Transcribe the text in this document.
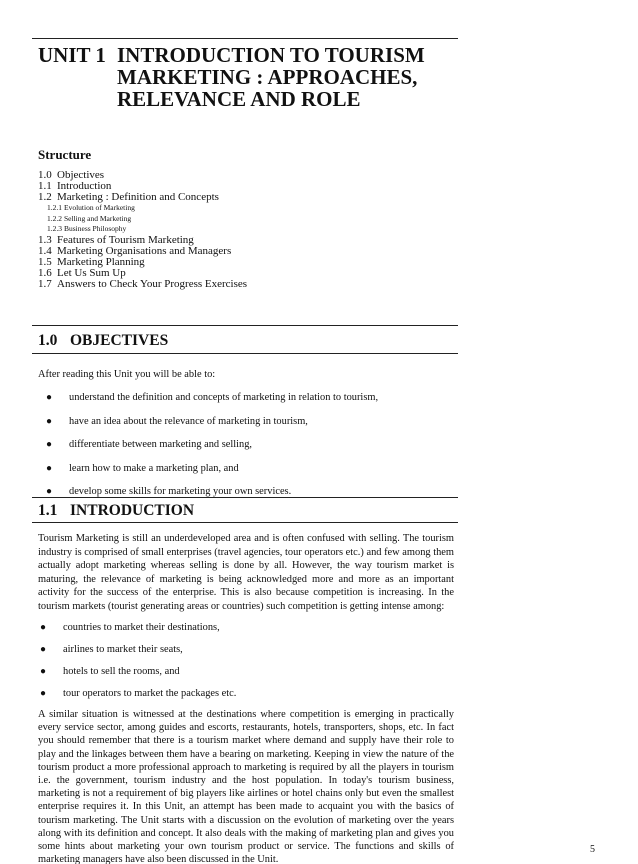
UNIT 1 INTRODUCTION TO TOURISM
MARKETING : APPROACHES,
RELEVANCE AND ROLE
Structure
1.0 Objectives
1.1 Introduction
1.2 Marketing : Definition and Concepts
1.2.1 Evolution of Marketing
1.2.2 Selling and Marketing
1.2.3 Business Philosophy
1.3 Features of Tourism Marketing
1.4 Marketing Organisations and Managers
1.5 Marketing Planning
1.6 Let Us Sum Up
1.7 Answers to Check Your Progress Exercises
1.0 OBJECTIVES
After reading this Unit you will be able to:
● understand the definition and concepts of marketing in relation to tourism,
● have an idea about the relevance of marketing in tourism,
● differentiate between marketing and selling,
● learn how to make a marketing plan, and
● develop some skills for marketing your own services.
1.1 INTRODUCTION
Tourism Marketing is still an underdeveloped area and is often confused with selling. The tourism industry is comprised of small enterprises (travel agencies, tour operators etc.) and few among them actually adopt marketing whereas selling is done by all. However, the way tourism market is maturing, the relevance of marketing is being acknowledged more and more as an important activity for the success of the enterprise. This is also because competition is increasing. In the tourism markets (tourist generating areas or countries) such competition is getting intense among:
● countries to market their destinations,
● airlines to market their seats,
● hotels to sell the rooms, and
● tour operators to market the packages etc.
A similar situation is witnessed at the destinations where competition is emerging in practically every service sector, among guides and escorts, restaurants, hotels, transporters, shops, etc. In fact you should remember that there is a tourism market where demand and supply have their role to play and the linkages between them have a bearing on marketing. Keeping in view the nature of the tourism product a more professional approach to marketing is required by all the players in tourism i.e. the government, tourism industry and the host population. In today's tourism business, marketing is not a requirement of big players like airlines or hotel chains only but even the smallest enterprise requires it. In this Unit, an attempt has been made to acquaint you with the basics of tourism marketing. The Unit starts with a discussion on the evolution of marketing over the years along with its definition and concept. It also deals with the making of marketing plan and gives you some hints about marketing your own tourism product or service. The functions and skills of marketing managers have also been discussed in the Unit.
5
